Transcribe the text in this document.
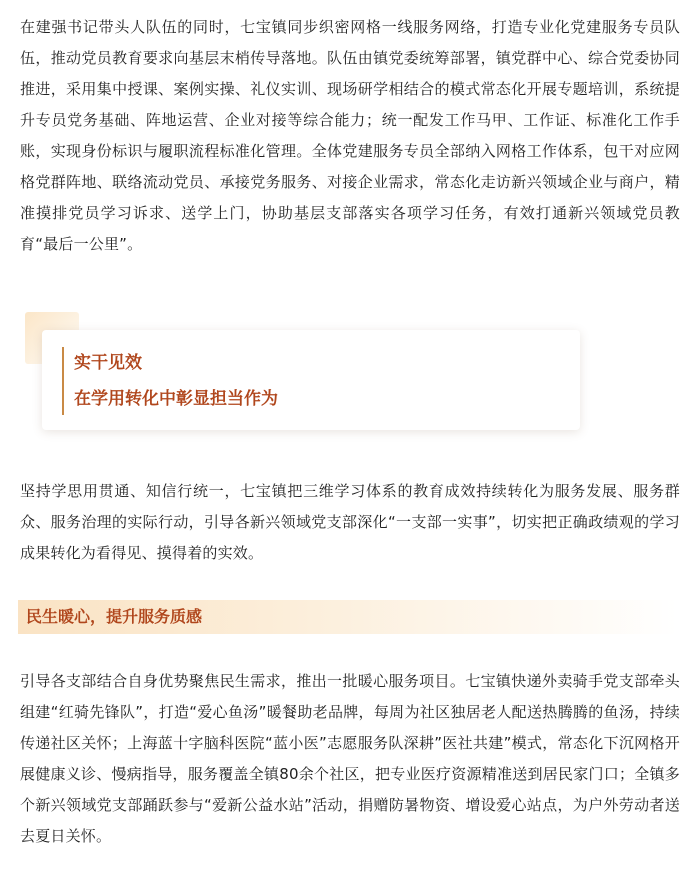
在建强书记带头人队伍的同时，七宝镇同步织密网格一线服务网络，打造专业化党建服务专员队伍，推动党员教育要求向基层末梢传导落地。队伍由镇党委统筹部署，镇党群中心、综合党委协同推进，采用集中授课、案例实操、礼仪实训、现场研学相结合的模式常态化开展专题培训，系统提升专员党务基础、阵地运营、企业对接等综合能力；统一配发工作马甲、工作证、标准化工作手账，实现身份标识与履职流程标准化管理。全体党建服务专员全部纳入网格工作体系，包干对应网格党群阵地、联络流动党员、承接党务服务、对接企业需求，常态化走访新兴领域企业与商户，精准摸排党员学习诉求、送学上门，协助基层支部落实各项学习任务，有效打通新兴领域党员教育“最后一公里”。

实干见效
在学用转化中彰显担当作为

坚持学思用贯通、知信行统一，七宝镇把三维学习体系的教育成效持续转化为服务发展、服务群众、服务治理的实际行动，引导各新兴领域党支部深化“一支部一实事”，切实把正确政绩观的学习成果转化为看得见、摸得着的实效。

民生暖心，提升服务质感

引导各支部结合自身优势聚焦民生需求，推出一批暖心服务项目。七宝镇快递外卖骑手党支部牵头组建“红骑先锋队”，打造“爱心鱼汤”暖餐助老品牌，每周为社区独居老人配送热腾腾的鱼汤，持续传递社区关怀；上海蓝十字脑科医院“蓝小医”志愿服务队深耕”医社共建”模式，常态化下沉网格开展健康义诊、慢病指导，服务覆盖全镇80余个社区，把专业医疗资源精准送到居民家门口；全镇多个新兴领域党支部踊跃参与“爱新公益水站”活动，捐赠防暑物资、增设爱心站点，为户外劳动者送去夏日关怀。
